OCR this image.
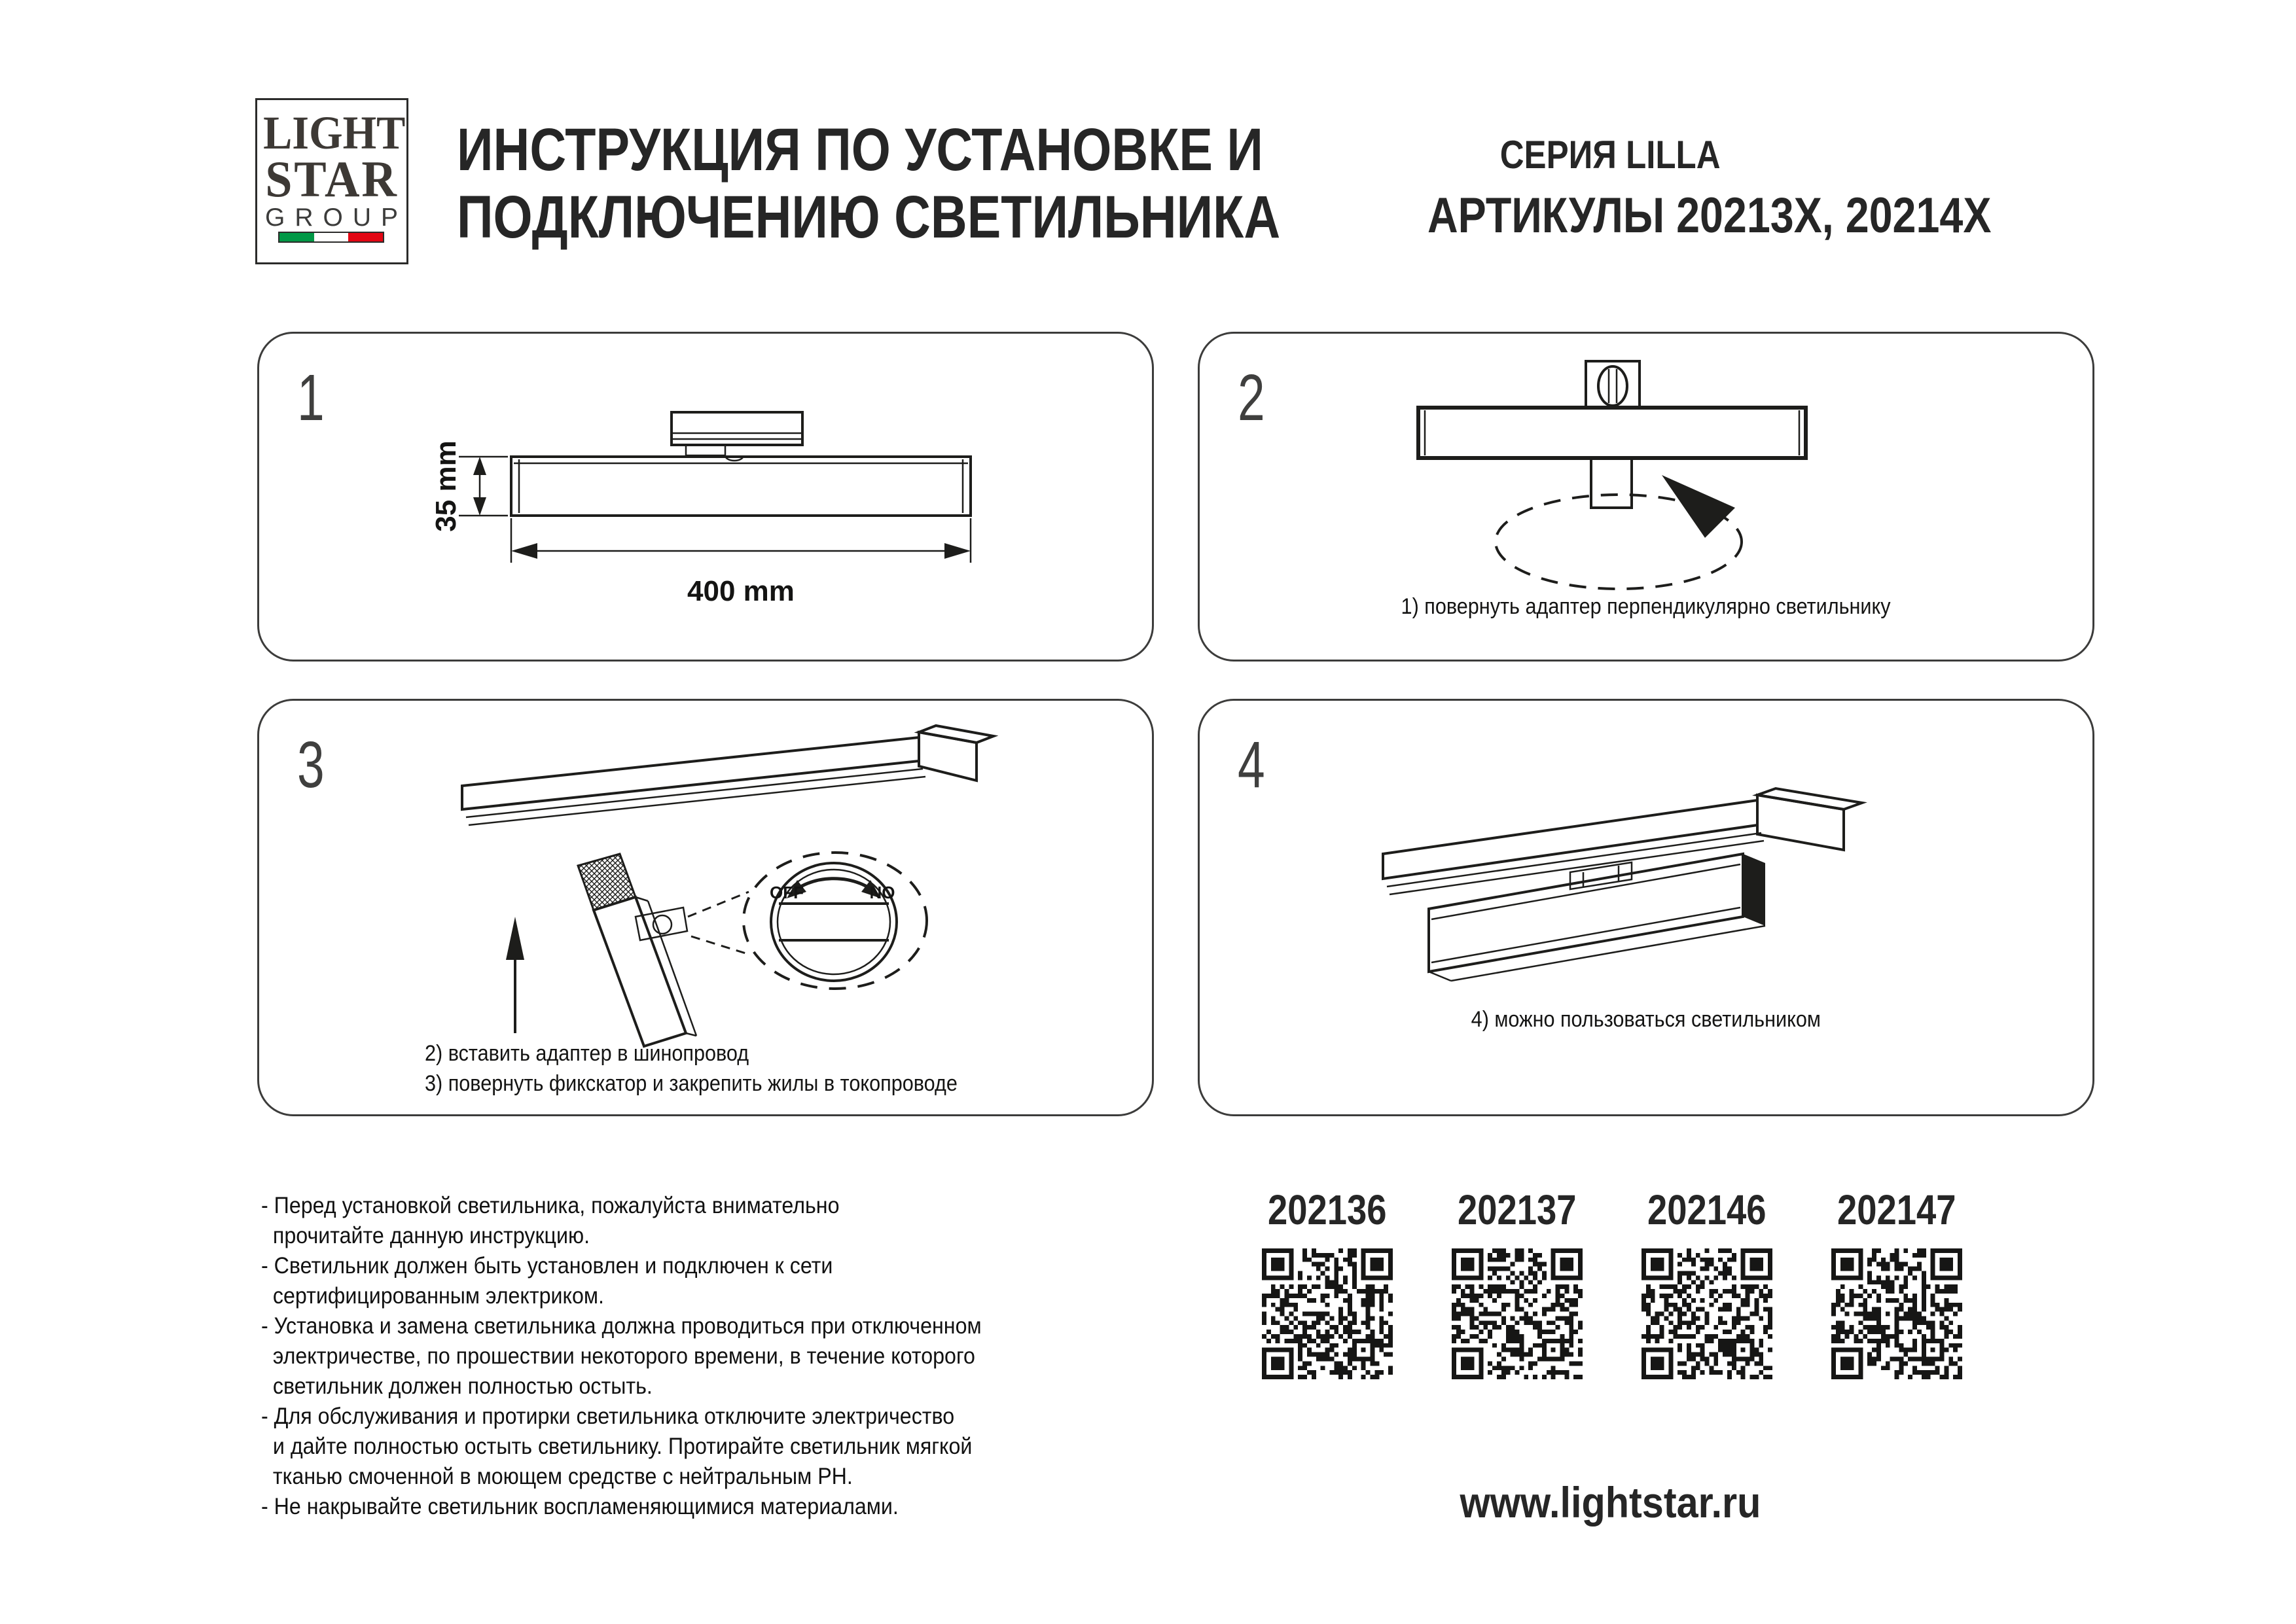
LIGHT
STAR
GROUP
ИНСТРУКЦИЯ ПО УСТАНОВКЕ И
ПОДКЛЮЧЕНИЮ СВЕТИЛЬНИКА
СЕРИЯ LILLA
АРТИКУЛЫ 20213X, 20214X
1
35 mm
400 mm
2
1) повернуть адаптер перпендикулярно светильнику
3
OFF	NO
2) вставить адаптер в шинопровод
3) повернуть фикскатор и закрепить жилы в токопроводе
4
4) можно пользоваться светильником
- Перед установкой светильника, пожалуйста внимательно
прочитайте данную инструкцию.
- Светильник должен быть установлен и подключен к сети
сертифицированным электриком.
- Установка и замена светильника должна проводиться при отключенном
электричестве, по прошествии некоторого времени, в течение которого
светильник должен полностью остыть.
- Для обслуживания и протирки светильника отключите электричество
и дайте полностью остыть светильнику. Протирайте светильник мягкой
тканью смоченной в моющем средстве с нейтральным PH.
- Не накрывайте светильник воспламеняющимися материалами.
202136	202137	202146	202147
www.lightstar.ru
